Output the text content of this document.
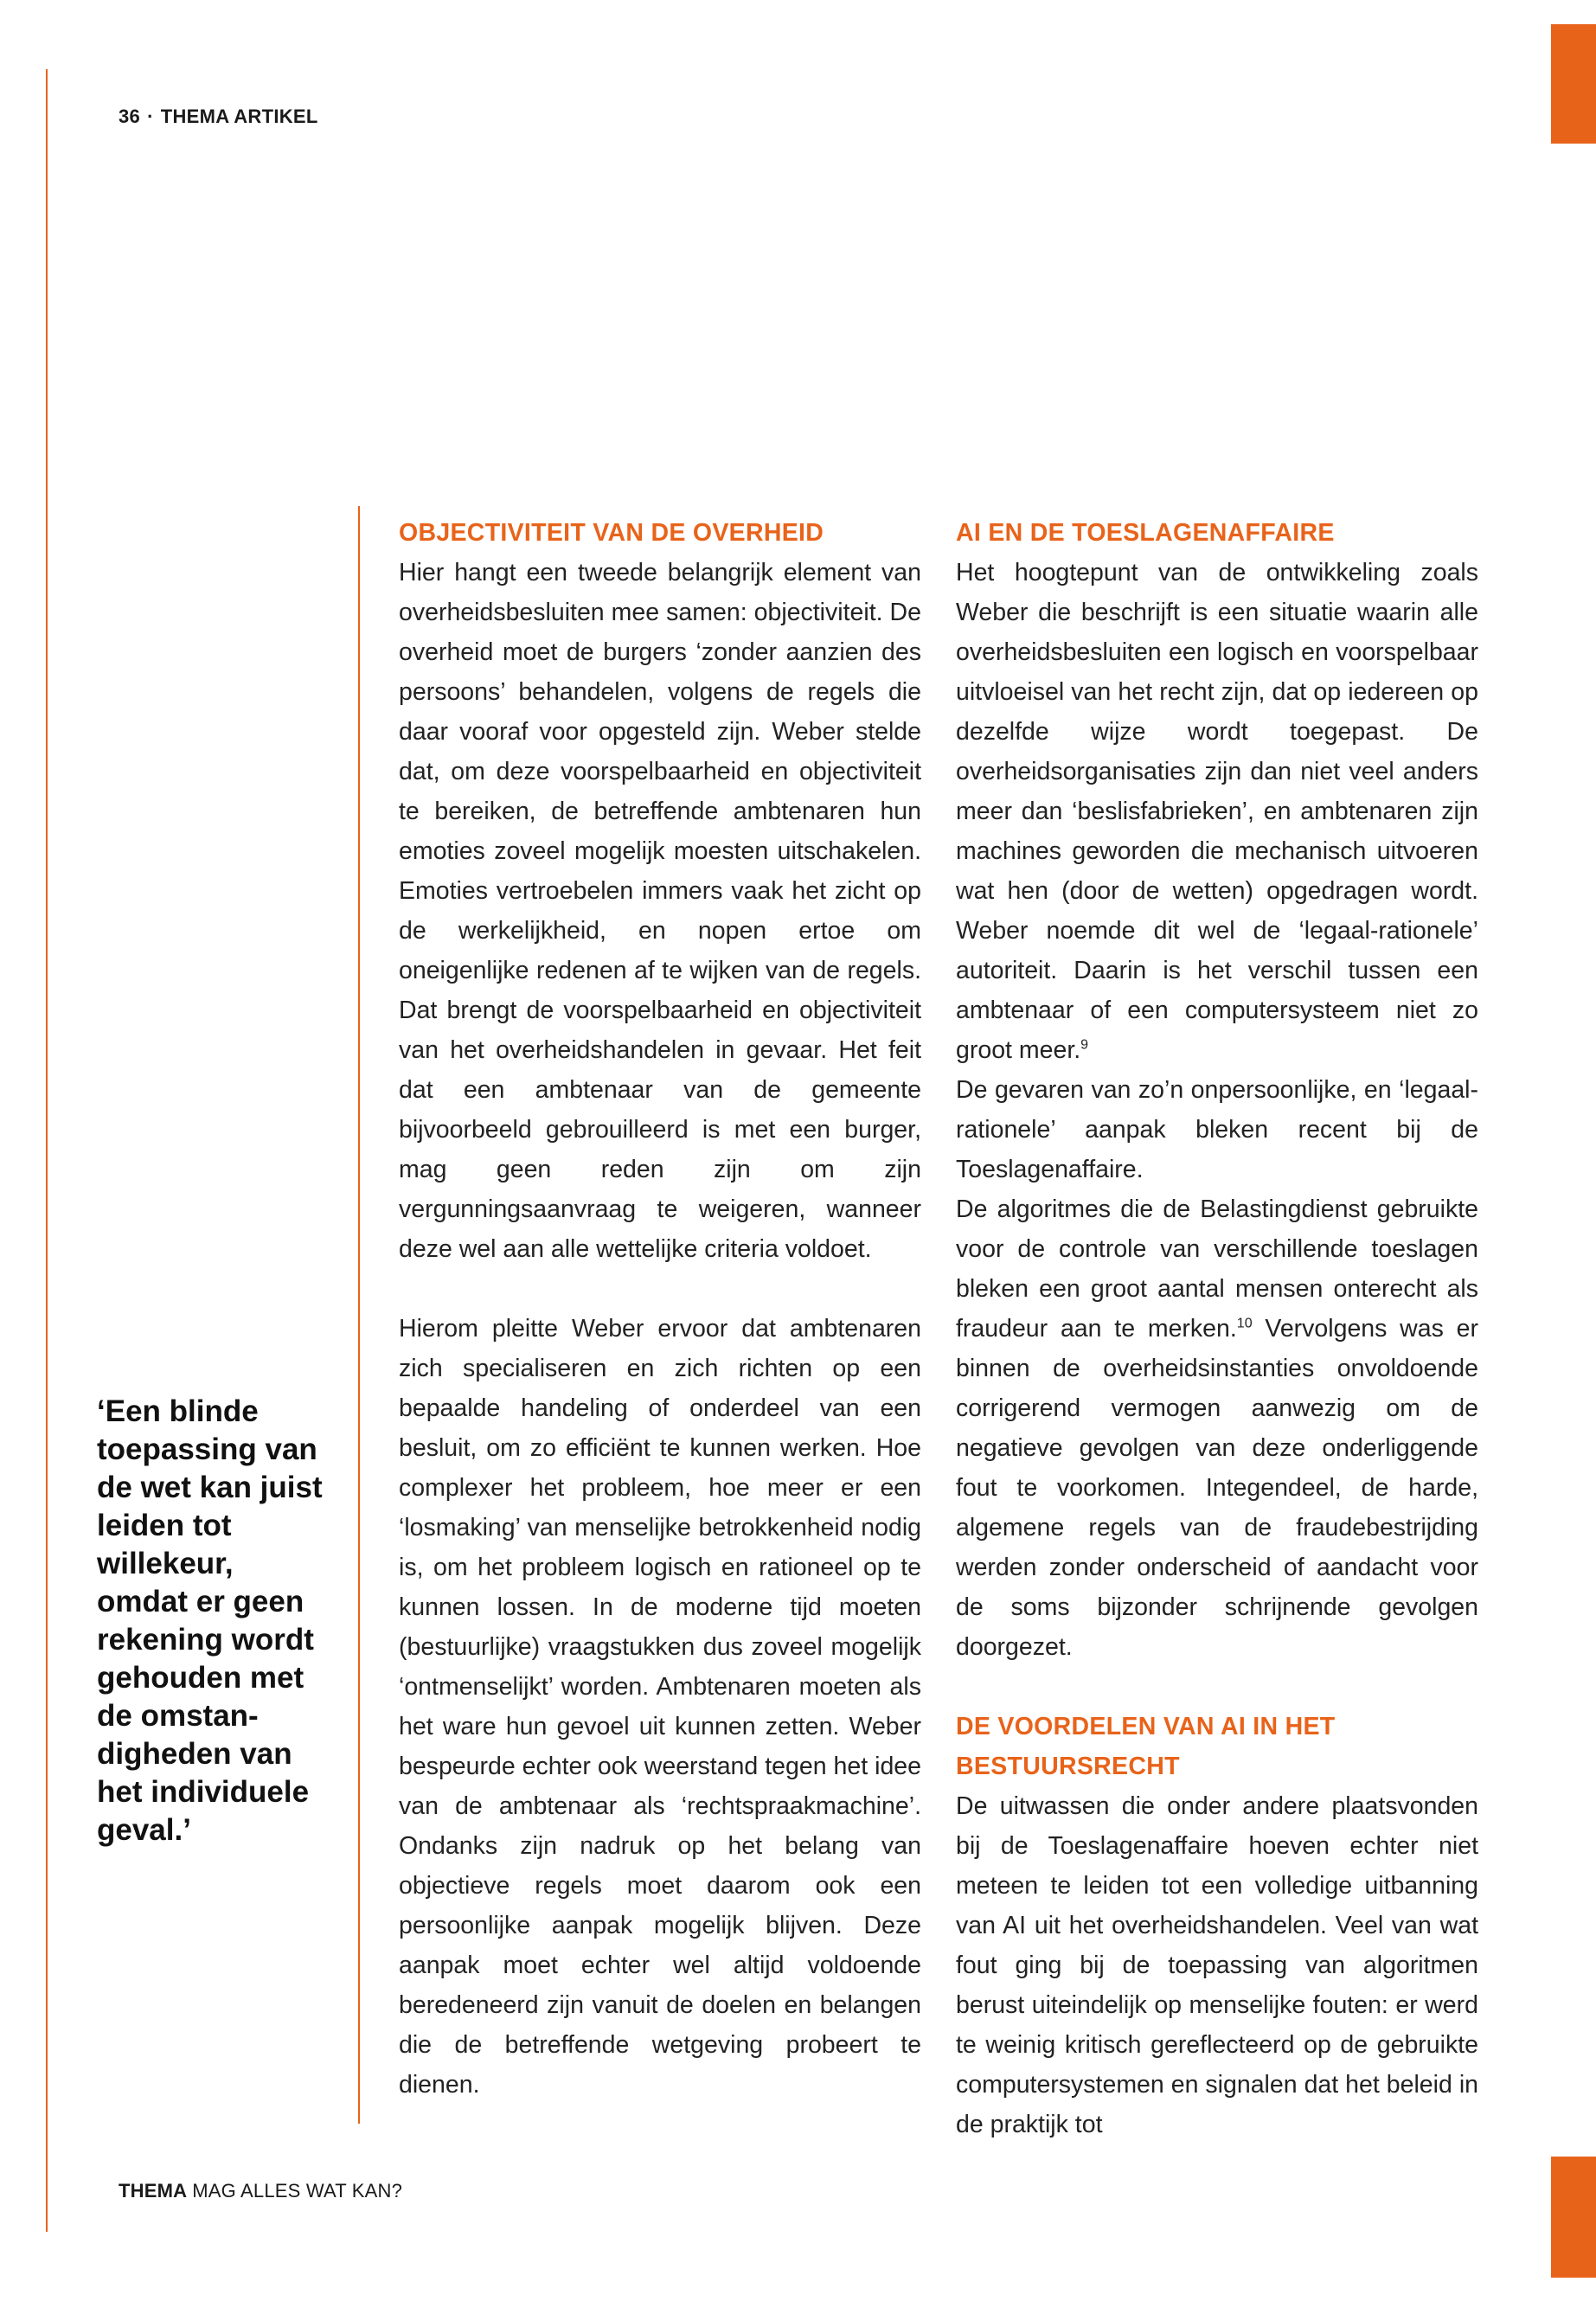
36 · THEMA ARTIKEL
‘Een blinde toepassing van de wet kan juist leiden tot willekeur, omdat er geen rekening wordt gehouden met de omstandigheden van het individuele geval.’
OBJECTIVITEIT VAN DE OVERHEID

Hier hangt een tweede belangrijk element van overheidsbesluiten mee samen: objectiviteit. De overheid moet de burgers ‘zonder aanzien des persoons’ behandelen, volgens de regels die daar vooraf voor opgesteld zijn. Weber stelde dat, om deze voorspelbaarheid en objectiviteit te bereiken, de betreffende ambtenaren hun emoties zoveel mogelijk moesten uitschakelen. Emoties vertroebelen immers vaak het zicht op de werkelijkheid, en nopen ertoe om oneigenlijke redenen af te wijken van de regels. Dat brengt de voorspelbaarheid en objectiviteit van het overheidshandelen in gevaar. Het feit dat een ambtenaar van de gemeente bijvoorbeeld gebrouilleerd is met een burger, mag geen reden zijn om zijn vergunningsaanvraag te weigeren, wanneer deze wel aan alle wettelijke criteria voldoet.

Hierom pleitte Weber ervoor dat ambtenaren zich specialiseren en zich richten op een bepaalde handeling of onderdeel van een besluit, om zo efficiënt te kunnen werken. Hoe complexer het probleem, hoe meer er een ‘losmaking’ van menselijke betrokkenheid nodig is, om het probleem logisch en rationeel op te kunnen lossen. In de moderne tijd moeten (bestuurlijke) vraagstukken dus zoveel mogelijk ‘ontmenselijkt’ worden. Ambtenaren moeten als het ware hun gevoel uit kunnen zetten. Weber bespeurde echter ook weerstand tegen het idee van de ambtenaar als ‘rechtspraakmachine’. Ondanks zijn nadruk op het belang van objectieve regels moet daarom ook een persoonlijke aanpak mogelijk blijven. Deze aanpak moet echter wel altijd voldoende beredeneerd zijn vanuit de doelen en belangen die de betreffende wetgeving probeert te dienen.

AI EN DE TOESLAGENAFFAIRE

Het hoogtepunt van de ontwikkeling zoals Weber die beschrijft is een situatie waarin alle overheidsbesluiten een logisch en voorspelbaar uitvloeisel van het recht zijn, dat op iedereen op dezelfde wijze wordt toegepast. De overheidsorganisaties zijn dan niet veel anders meer dan ‘beslisfabrieken’, en ambtenaren zijn machines geworden die mechanisch uitvoeren wat hen (door de wetten) opgedragen wordt. Weber noemde dit wel de ‘legaal-rationele’ autoriteit. Daarin is het verschil tussen een ambtenaar of een computersysteem niet zo groot meer.$^9$
De gevaren van zo’n onpersoonlijke, en ‘legaal-rationele’ aanpak bleken recent bij de Toeslagenaffaire.

De algoritmes die de Belastingdienst gebruikte voor de controle van verschillende toeslagen bleken een groot aantal mensen onterecht als fraudeur aan te merken.$^{10}$ Vervolgens was er binnen de overheidsinstanties onvoldoende corrigerend vermogen aanwezig om de negatieve gevolgen van deze onderliggende fout te voorkomen. Integendeel, de harde, algemene regels van de fraudebestrijding werden zonder onderscheid of aandacht voor de soms bijzonder schrijnende gevolgen doorgezet.

DE VOORDELEN VAN AI IN HET BESTUURSRECHT

De uitwassen die onder andere plaatsvonden bij de Toeslagenaffaire hoeven echter niet meteen te leiden tot een volledige uitbanning van AI uit het overheidshandelen. Veel van wat fout ging bij de toepassing van algoritmen berust uiteindelijk op menselijke fouten: er werd te weinig kritisch gereflecteerd op de gebruikte computersystemen en signalen dat het beleid in de praktijk tot

THEMA MAG ALLES WAT KAN?
